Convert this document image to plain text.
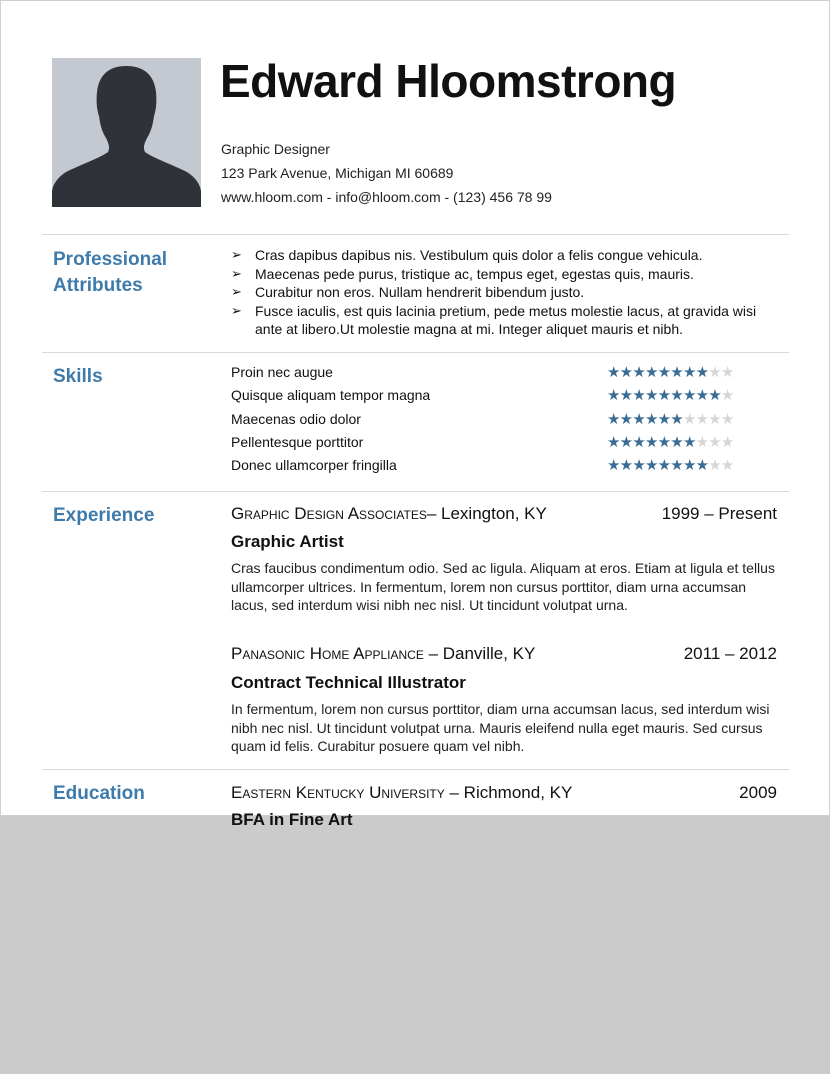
Edward Hloomstrong
Graphic Designer
123 Park Avenue, Michigan MI 60689
www.hloom.com - info@hloom.com - (123) 456 78 99
Professional
Attributes
➢ Cras dapibus dapibus nis. Vestibulum quis dolor a felis congue vehicula.
➢ Maecenas pede purus, tristique ac, tempus eget, egestas quis, mauris.
➢ Curabitur non eros. Nullam hendrerit bibendum justo.
➢ Fusce iaculis, est quis lacinia pretium, pede metus molestie lacus, at gravida wisi ante at libero.Ut molestie magna at mi. Integer aliquet mauris et nibh.
Skills	Proin nec augue	★★★★★★★★★★
Quisque aliquam tempor magna	★★★★★★★★★★
Maecenas odio dolor	★★★★★★★★★★
Pellentesque porttitor	★★★★★★★★★★
Donec ullamcorper fringilla	★★★★★★★★★★
Experience	Graphic Design Associates– Lexington, KY	1999 – Present
Graphic Artist
Cras faucibus condimentum odio. Sed ac ligula. Aliquam at eros. Etiam at ligula et tellus ullamcorper ultrices. In fermentum, lorem non cursus porttitor, diam urna accumsan lacus, sed interdum wisi nibh nec nisl. Ut tincidunt volutpat urna.
Panasonic Home Appliance – Danville, KY	2011 – 2012
Contract Technical Illustrator
In fermentum, lorem non cursus porttitor, diam urna accumsan lacus, sed interdum wisi nibh nec nisl. Ut tincidunt volutpat urna. Mauris eleifend nulla eget mauris. Sed cursus quam id felis. Curabitur posuere quam vel nibh.
Education	Eastern Kentucky University – Richmond, KY	2009
BFA in Fine Art
